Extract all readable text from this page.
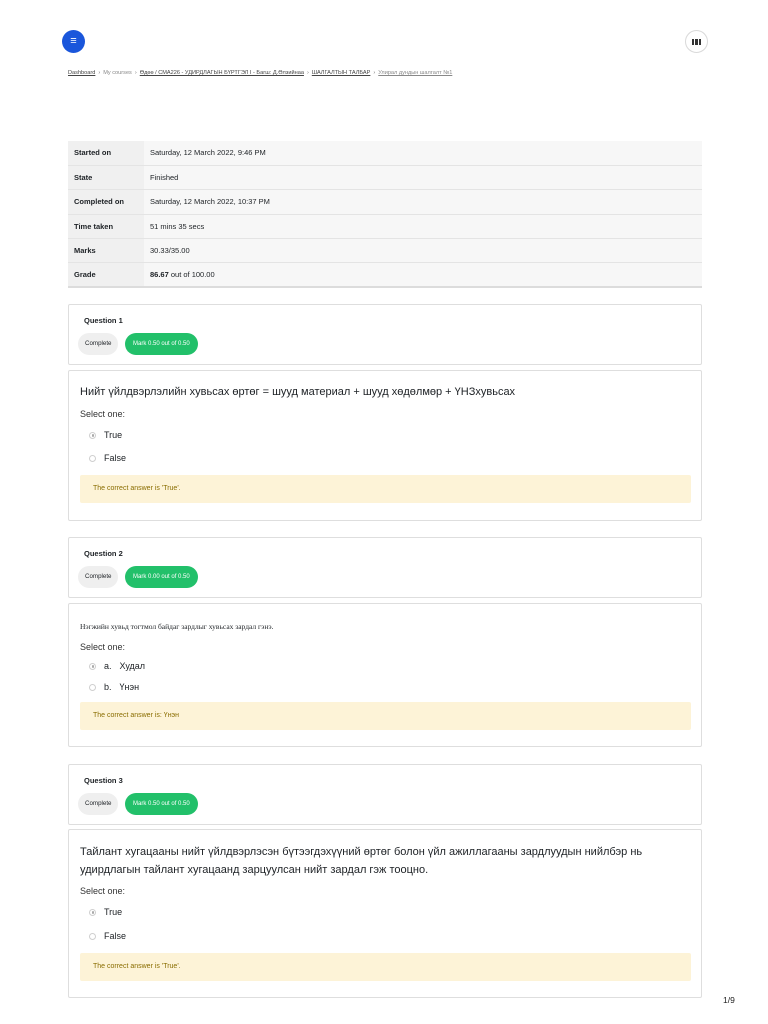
≡
Dashboard › My courses › Өдөө / СМА226 - УДИРДЛАГЫН БҮРТГЭЛ I - Багш: Д.Өлзийнаа › ШАЛГАЛТЫН ТАЛБАР › Улирал дундын шалгалт №1
Started on	Saturday, 12 March 2022, 9:46 PM
State	Finished
Completed on	Saturday, 12 March 2022, 10:37 PM
Time taken	51 mins 35 secs
Marks	30.33/35.00
Grade	86.67 out of 100.00
Question 1
Complete	Mark 0.50 out of 0.50
Нийт үйлдвэрлэлийн хувьсах өртөг = шууд материал + шууд хөдөлмөр + ҮНЗхувьсах
Select one:
True
False
The correct answer is 'True'.
Question 2
Complete	Mark 0.00 out of 0.50
Нэгжийн хувьд тогтмол байдаг зардлыг хувьсах зардал гэнэ.
Select one:
a. Худал
b. Үнэн
The correct answer is: Үнэн
Question 3
Complete	Mark 0.50 out of 0.50
Тайлант хугацааны нийт үйлдвэрлэсэн бүтээгдэхүүний өртөг болон үйл ажиллагааны зардлуудын нийлбэр нь удирдлагын тайлант хугацаанд зарцуулсан нийт зардал гэж тооцно.
Select one:
True
False
The correct answer is 'True'.
1/9
